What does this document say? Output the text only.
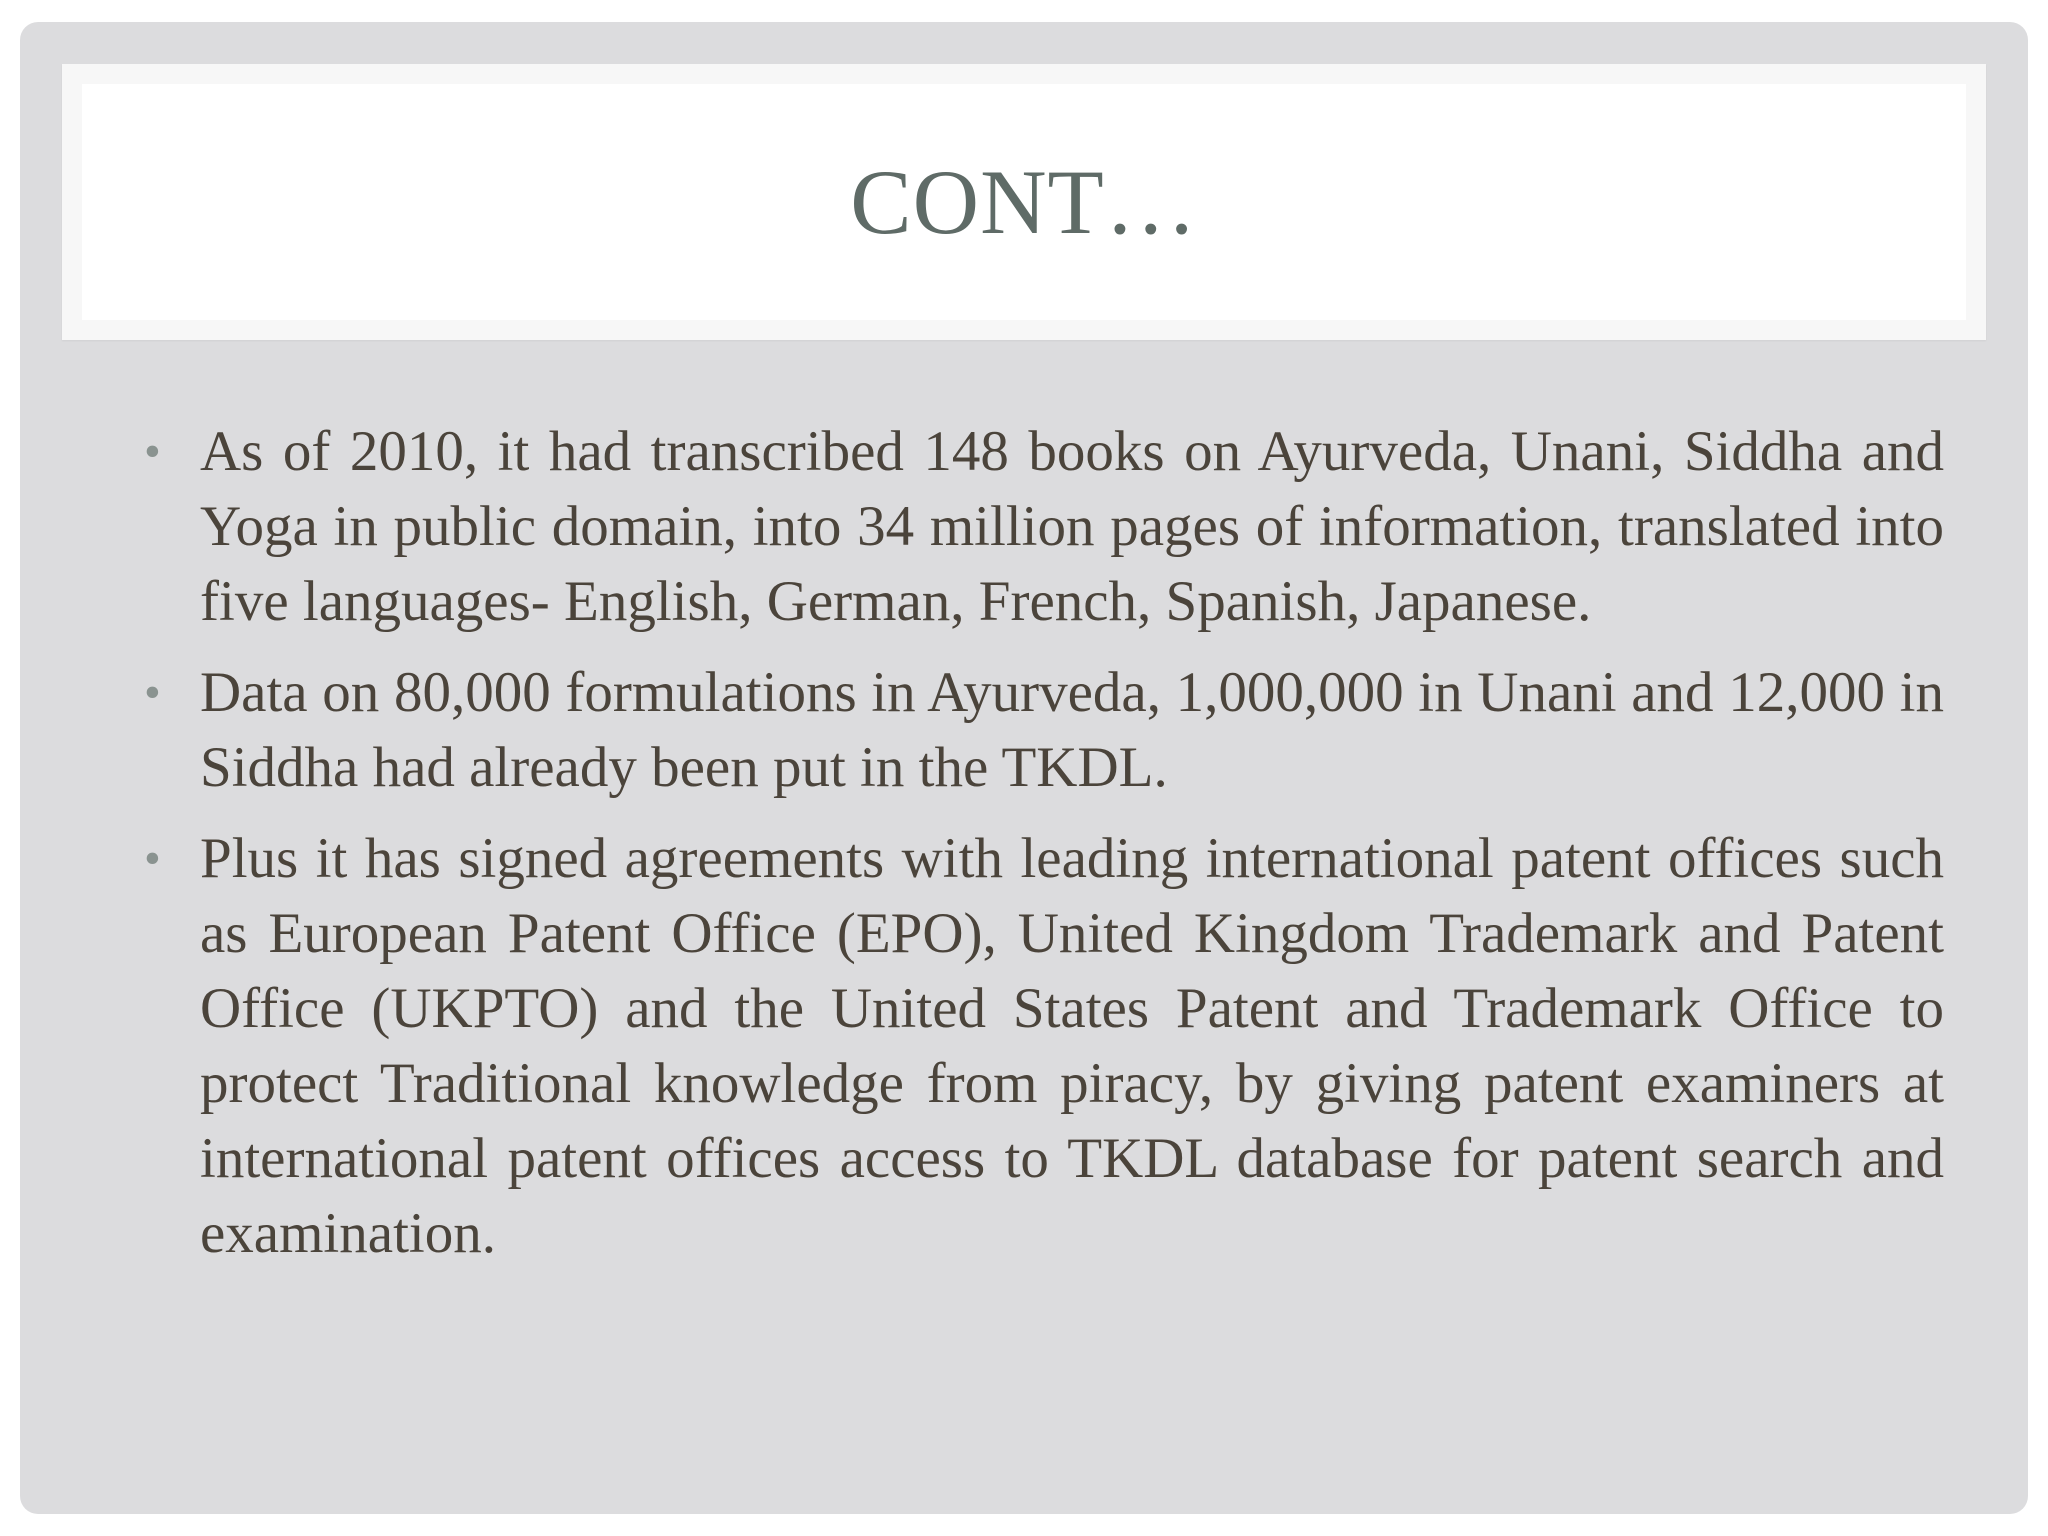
CONT…
• As of 2010, it had transcribed 148 books on Ayurveda, Unani, Siddha and Yoga in public domain, into 34 million pages of information, translated into five languages- English, German, French, Spanish, Japanese.
• Data on 80,000 formulations in Ayurveda, 1,000,000 in Unani and 12,000 in Siddha had already been put in the TKDL.
• Plus it has signed agreements with leading international patent offices such as European Patent Office (EPO), United Kingdom Trademark and Patent Office (UKPTO) and the United States Patent and Trademark Office to protect Traditional knowledge from piracy, by giving patent examiners at international patent offices access to TKDL database for patent search and examination.
